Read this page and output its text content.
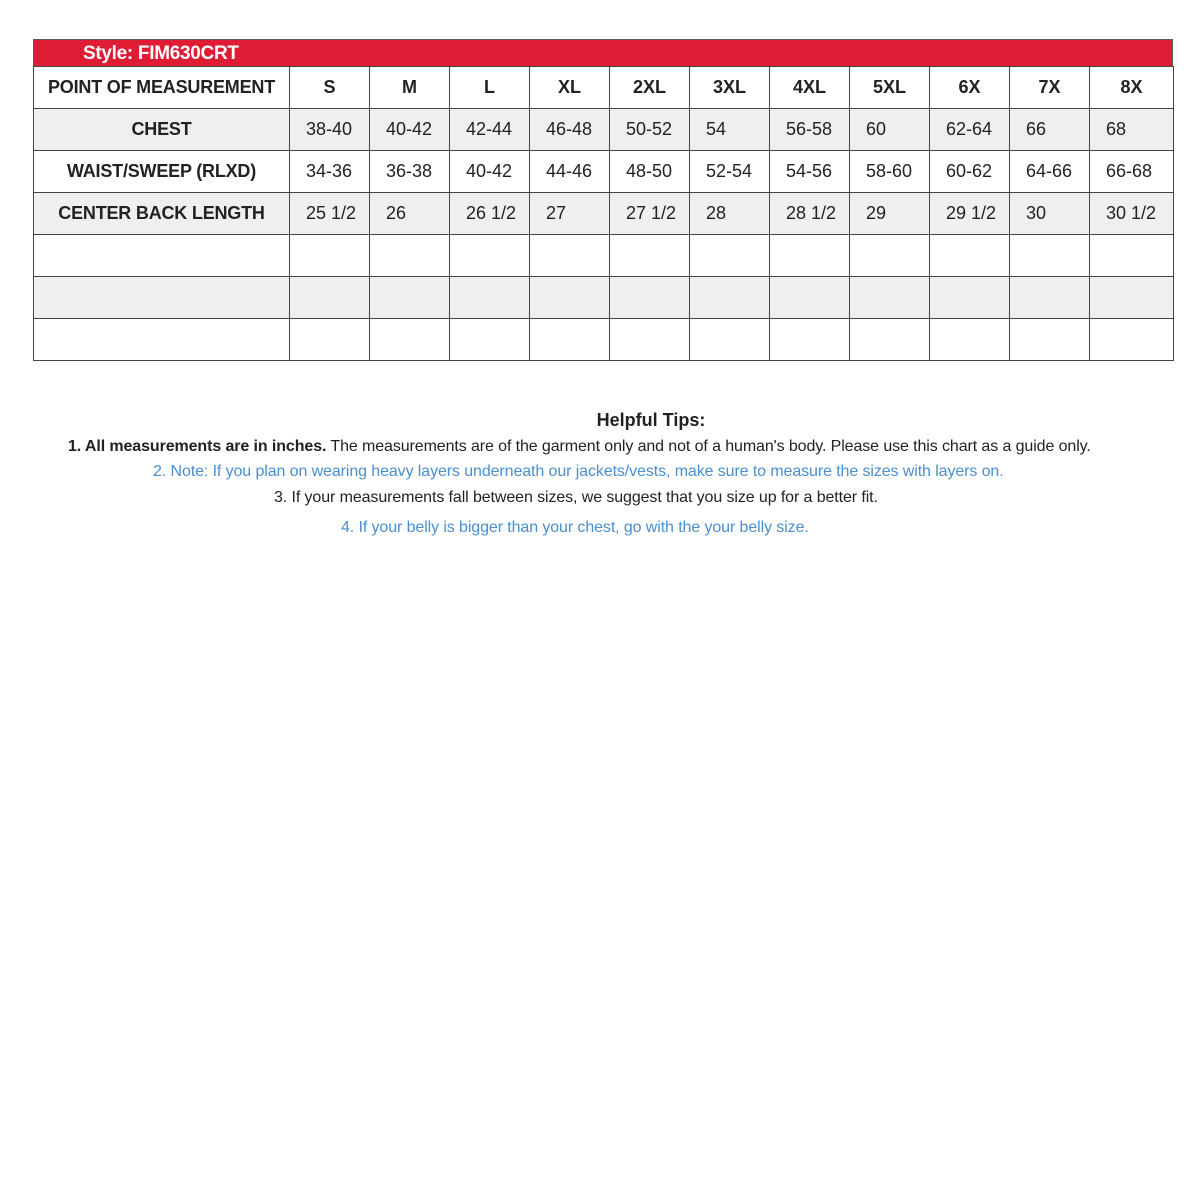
Style: FIM630CRT
POINT OF MEASUREMENT	S	M	L	XL	2XL	3XL	4XL	5XL	6X	7X	8X
CHEST	38-40	40-42	42-44	46-48	50-52	54	56-58	60	62-64	66	68
WAIST/SWEEP (RLXD)	34-36	36-38	40-42	44-46	48-50	52-54	54-56	58-60	60-62	64-66	66-68
CENTER BACK LENGTH	25 1/2	26	26 1/2	27	27 1/2	28	28 1/2	29	29 1/2	30	30 1/2

Helpful Tips:
1. All measurements are in inches. The measurements are of the garment only and not of a human's body. Please use this chart as a guide only.
2. Note: If you plan on wearing heavy layers underneath our jackets/vests, make sure to measure the sizes with layers on.
3. If your measurements fall between sizes, we suggest that you size up for a better fit.
4. If your belly is bigger than your chest, go with the your belly size.
